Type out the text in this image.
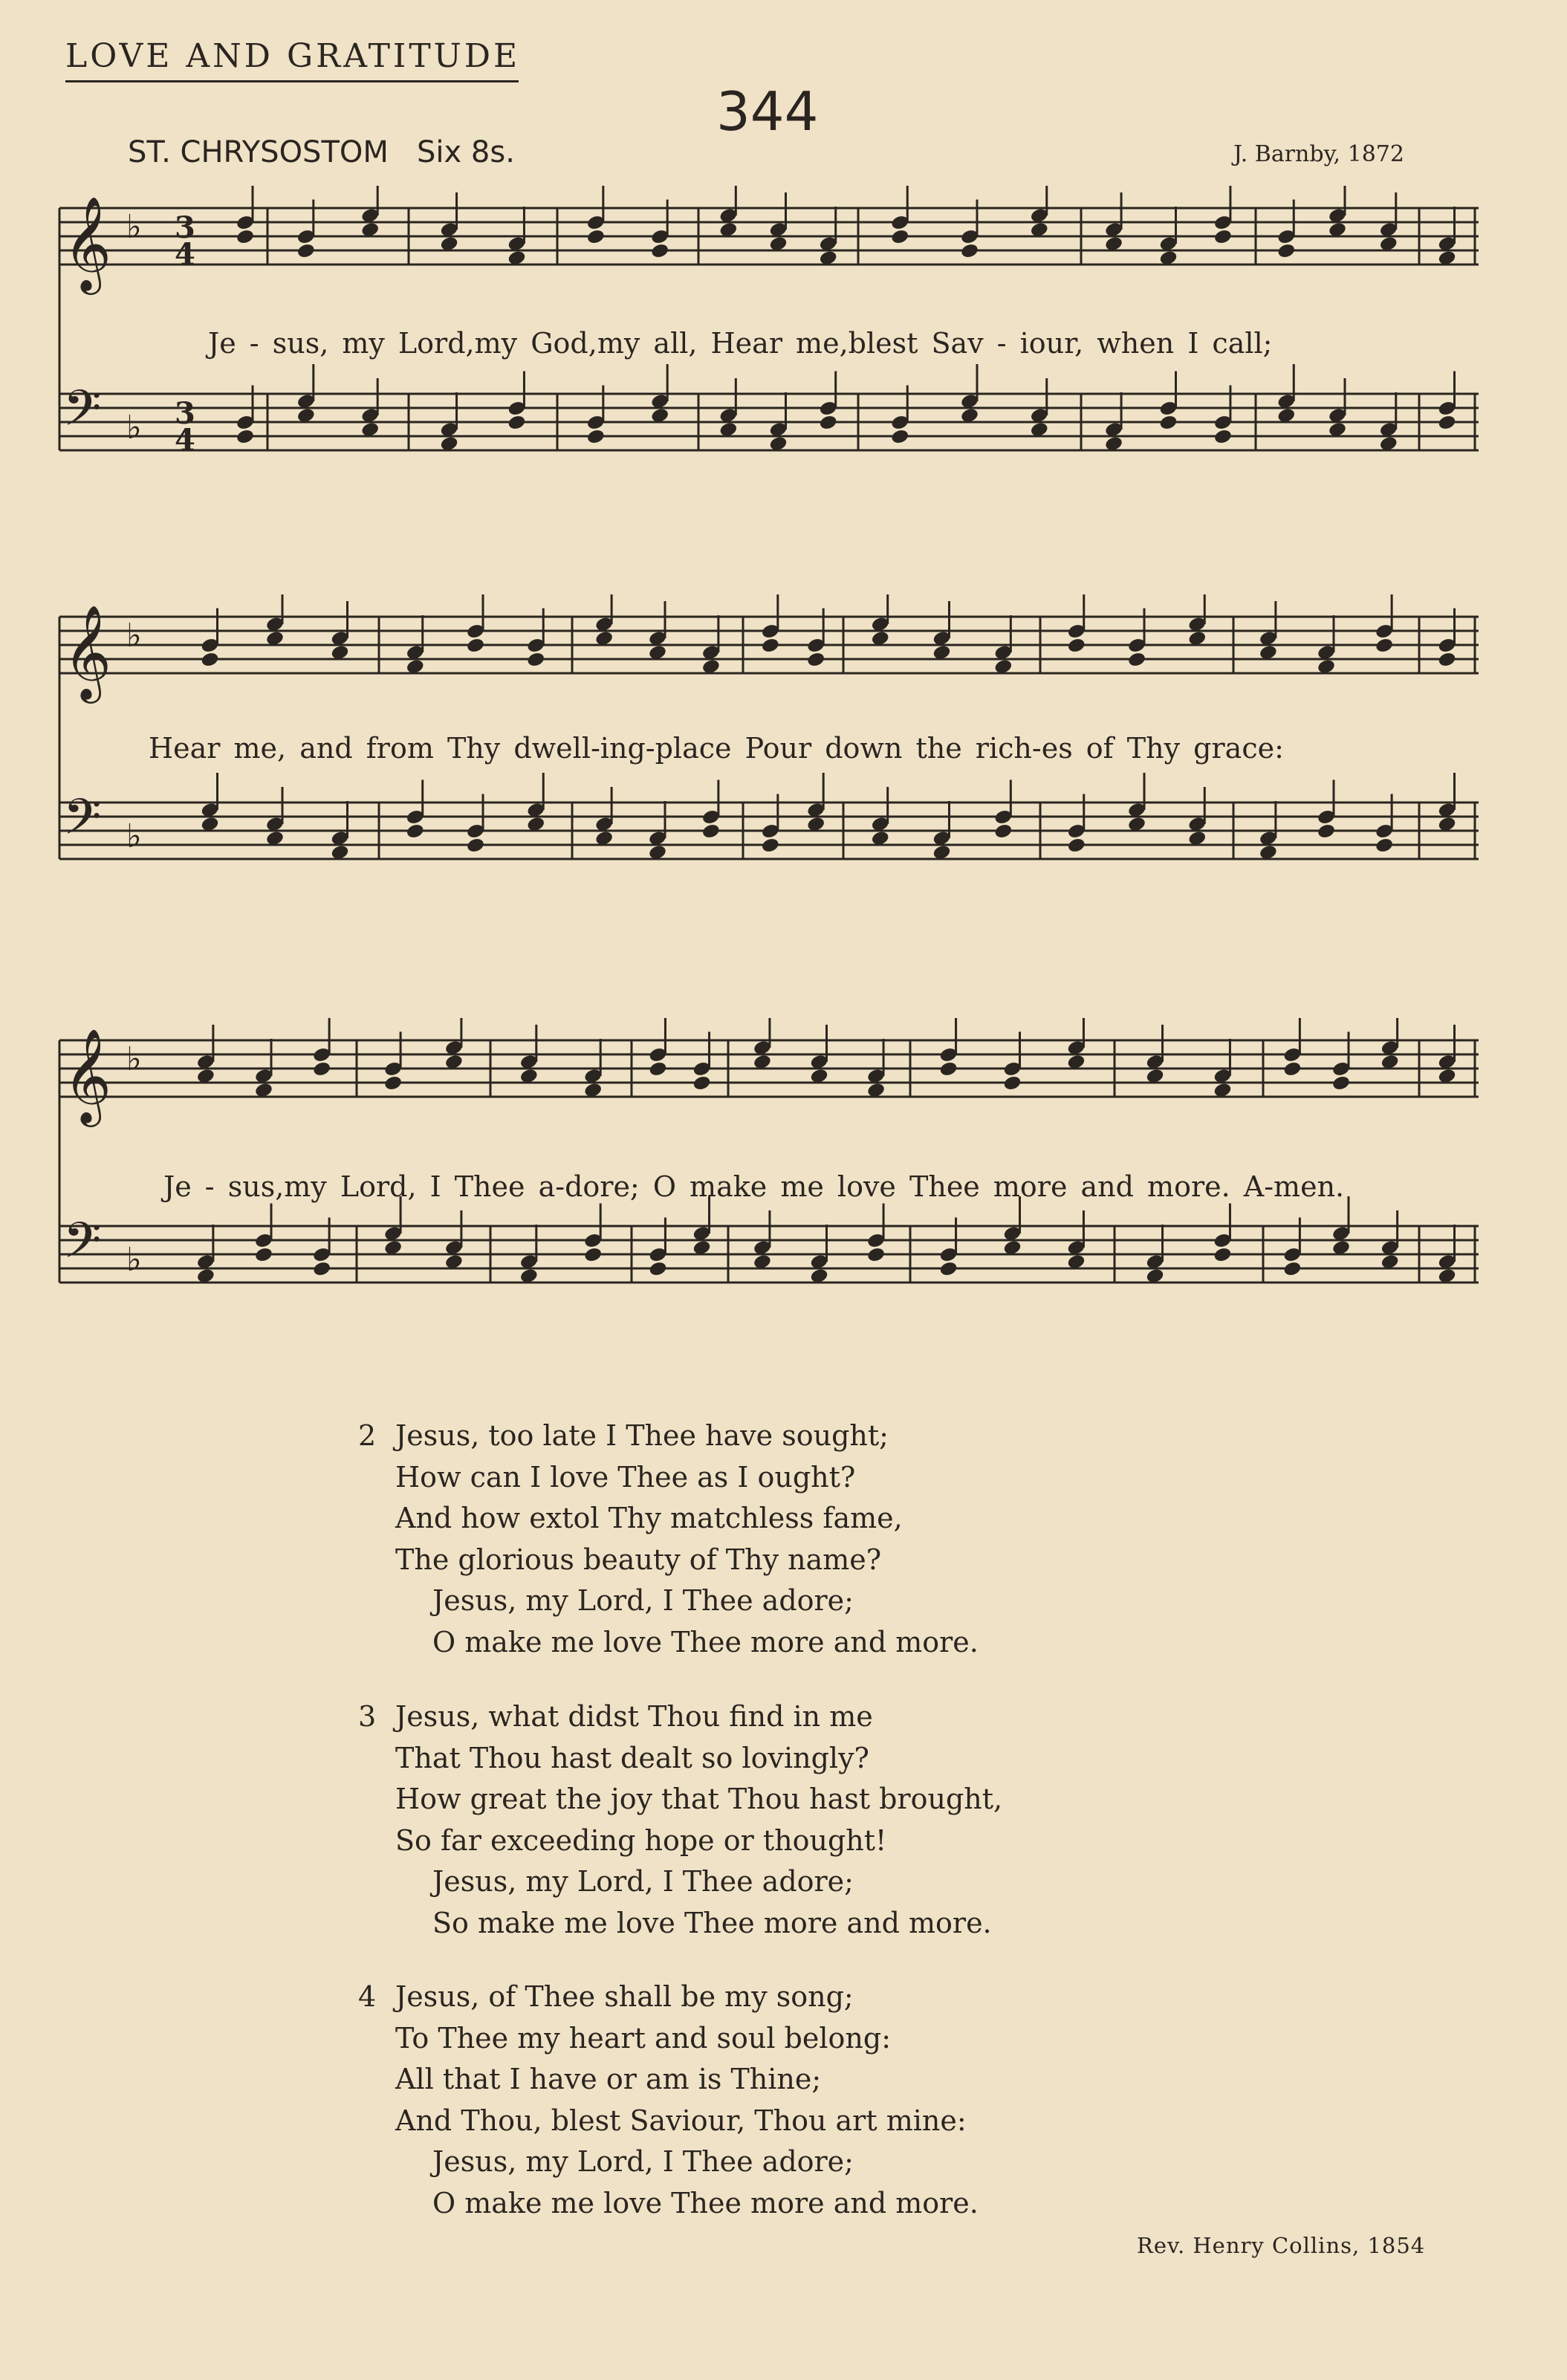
LOVE AND GRATITUDE
344
ST. CHRYSOSTOM   Six 8s.	J. Barnby, 1872
𝄞
𝄢
♭
♭
3
4
3
4
Je - sus, my Lord,my God,my all, Hear me,blest Sav - iour, when I call;
𝄞
𝄢
♭
♭
Hear me, and from Thy dwell-ing-place Pour down the rich-es of Thy grace:
𝄞
𝄢
♭
♭
Je - sus,my Lord, I Thee a-dore; O make me love Thee more and more. A-men.
2 Jesus, too late I Thee have sought;
How can I love Thee as I ought?
And how extol Thy matchless fame,
The glorious beauty of Thy name?
Jesus, my Lord, I Thee adore;
O make me love Thee more and more.
3 Jesus, what didst Thou find in me
That Thou hast dealt so lovingly?
How great the joy that Thou hast brought,
So far exceeding hope or thought!
Jesus, my Lord, I Thee adore;
So make me love Thee more and more.
4 Jesus, of Thee shall be my song;
To Thee my heart and soul belong:
All that I have or am is Thine;
And Thou, blest Saviour, Thou art mine:
Jesus, my Lord, I Thee adore;
O make me love Thee more and more.
Rev. Henry Collins, 1854
